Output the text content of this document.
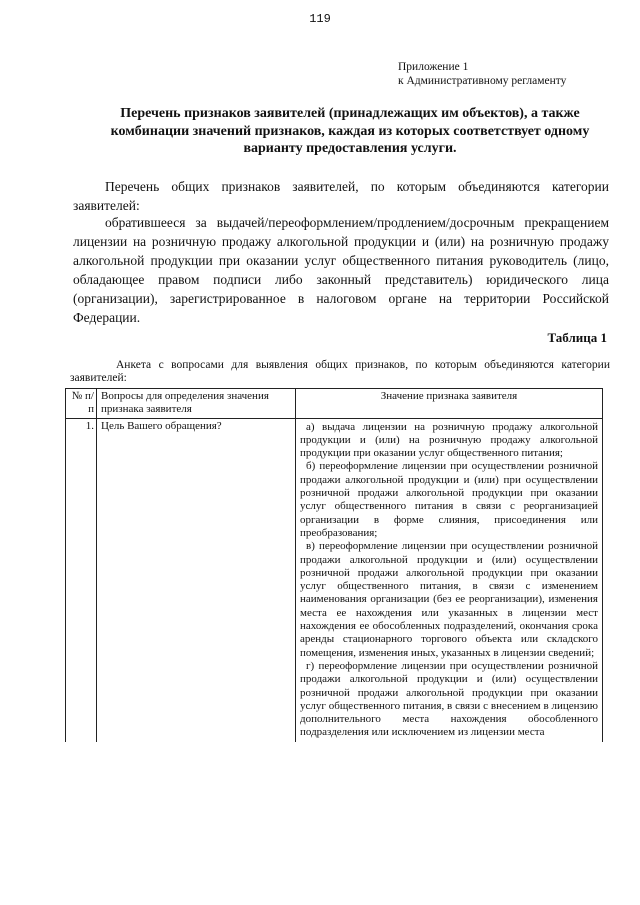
119
Приложение 1
к Административному регламенту
Перечень признаков заявителей (принадлежащих им объектов), а также комбинации значений признаков, каждая из которых соответствует одному варианту предоставления услуги.
Перечень общих признаков заявителей, по которым объединяются категории заявителей:
обратившееся за выдачей/переоформлением/продлением/досрочным прекращением лицензии на розничную продажу алкогольной продукции и (или) на розничную продажу алкогольной продукции при оказании услуг общественного питания руководитель (лицо, обладающее правом подписи либо законный представитель) юридического лица (организации), зарегистрированное в налоговом органе на территории Российской Федерации.
Таблица 1
Анкета с вопросами для выявления общих признаков, по которым объединяются категории заявителей:
№ п/п	Вопросы для определения значения признака заявителя	Значение признака заявителя
1.	Цель Вашего обращения?	а) выдача лицензии на розничную продажу алкогольной продукции и (или) на розничную продажу алкогольной продукции при оказании услуг общественного питания;
б) переоформление лицензии при осуществлении розничной продажи алкогольной продукции и (или) при осуществлении розничной продажи алкогольной продукции при оказании услуг общественного питания в связи с реорганизацией организации в форме слияния, присоединения или преобразования;
в) переоформление лицензии при осуществлении розничной продажи алкогольной продукции и (или) осуществлении розничной продажи алкогольной продукции при оказании услуг общественного питания, в связи с изменением наименования организации (без ее реорганизации), изменения места ее нахождения или указанных в лицензии мест нахождения ее обособленных подразделений, окончания срока аренды стационарного торгового объекта или складского помещения, изменения иных, указанных в лицензии сведений;
г) переоформление лицензии при осуществлении розничной продажи алкогольной продукции и (или) осуществлении розничной продажи алкогольной продукции при оказании услуг общественного питания, в связи с внесением в лицензию дополнительного места нахождения обособленного подразделения или исключением из лицензии места
